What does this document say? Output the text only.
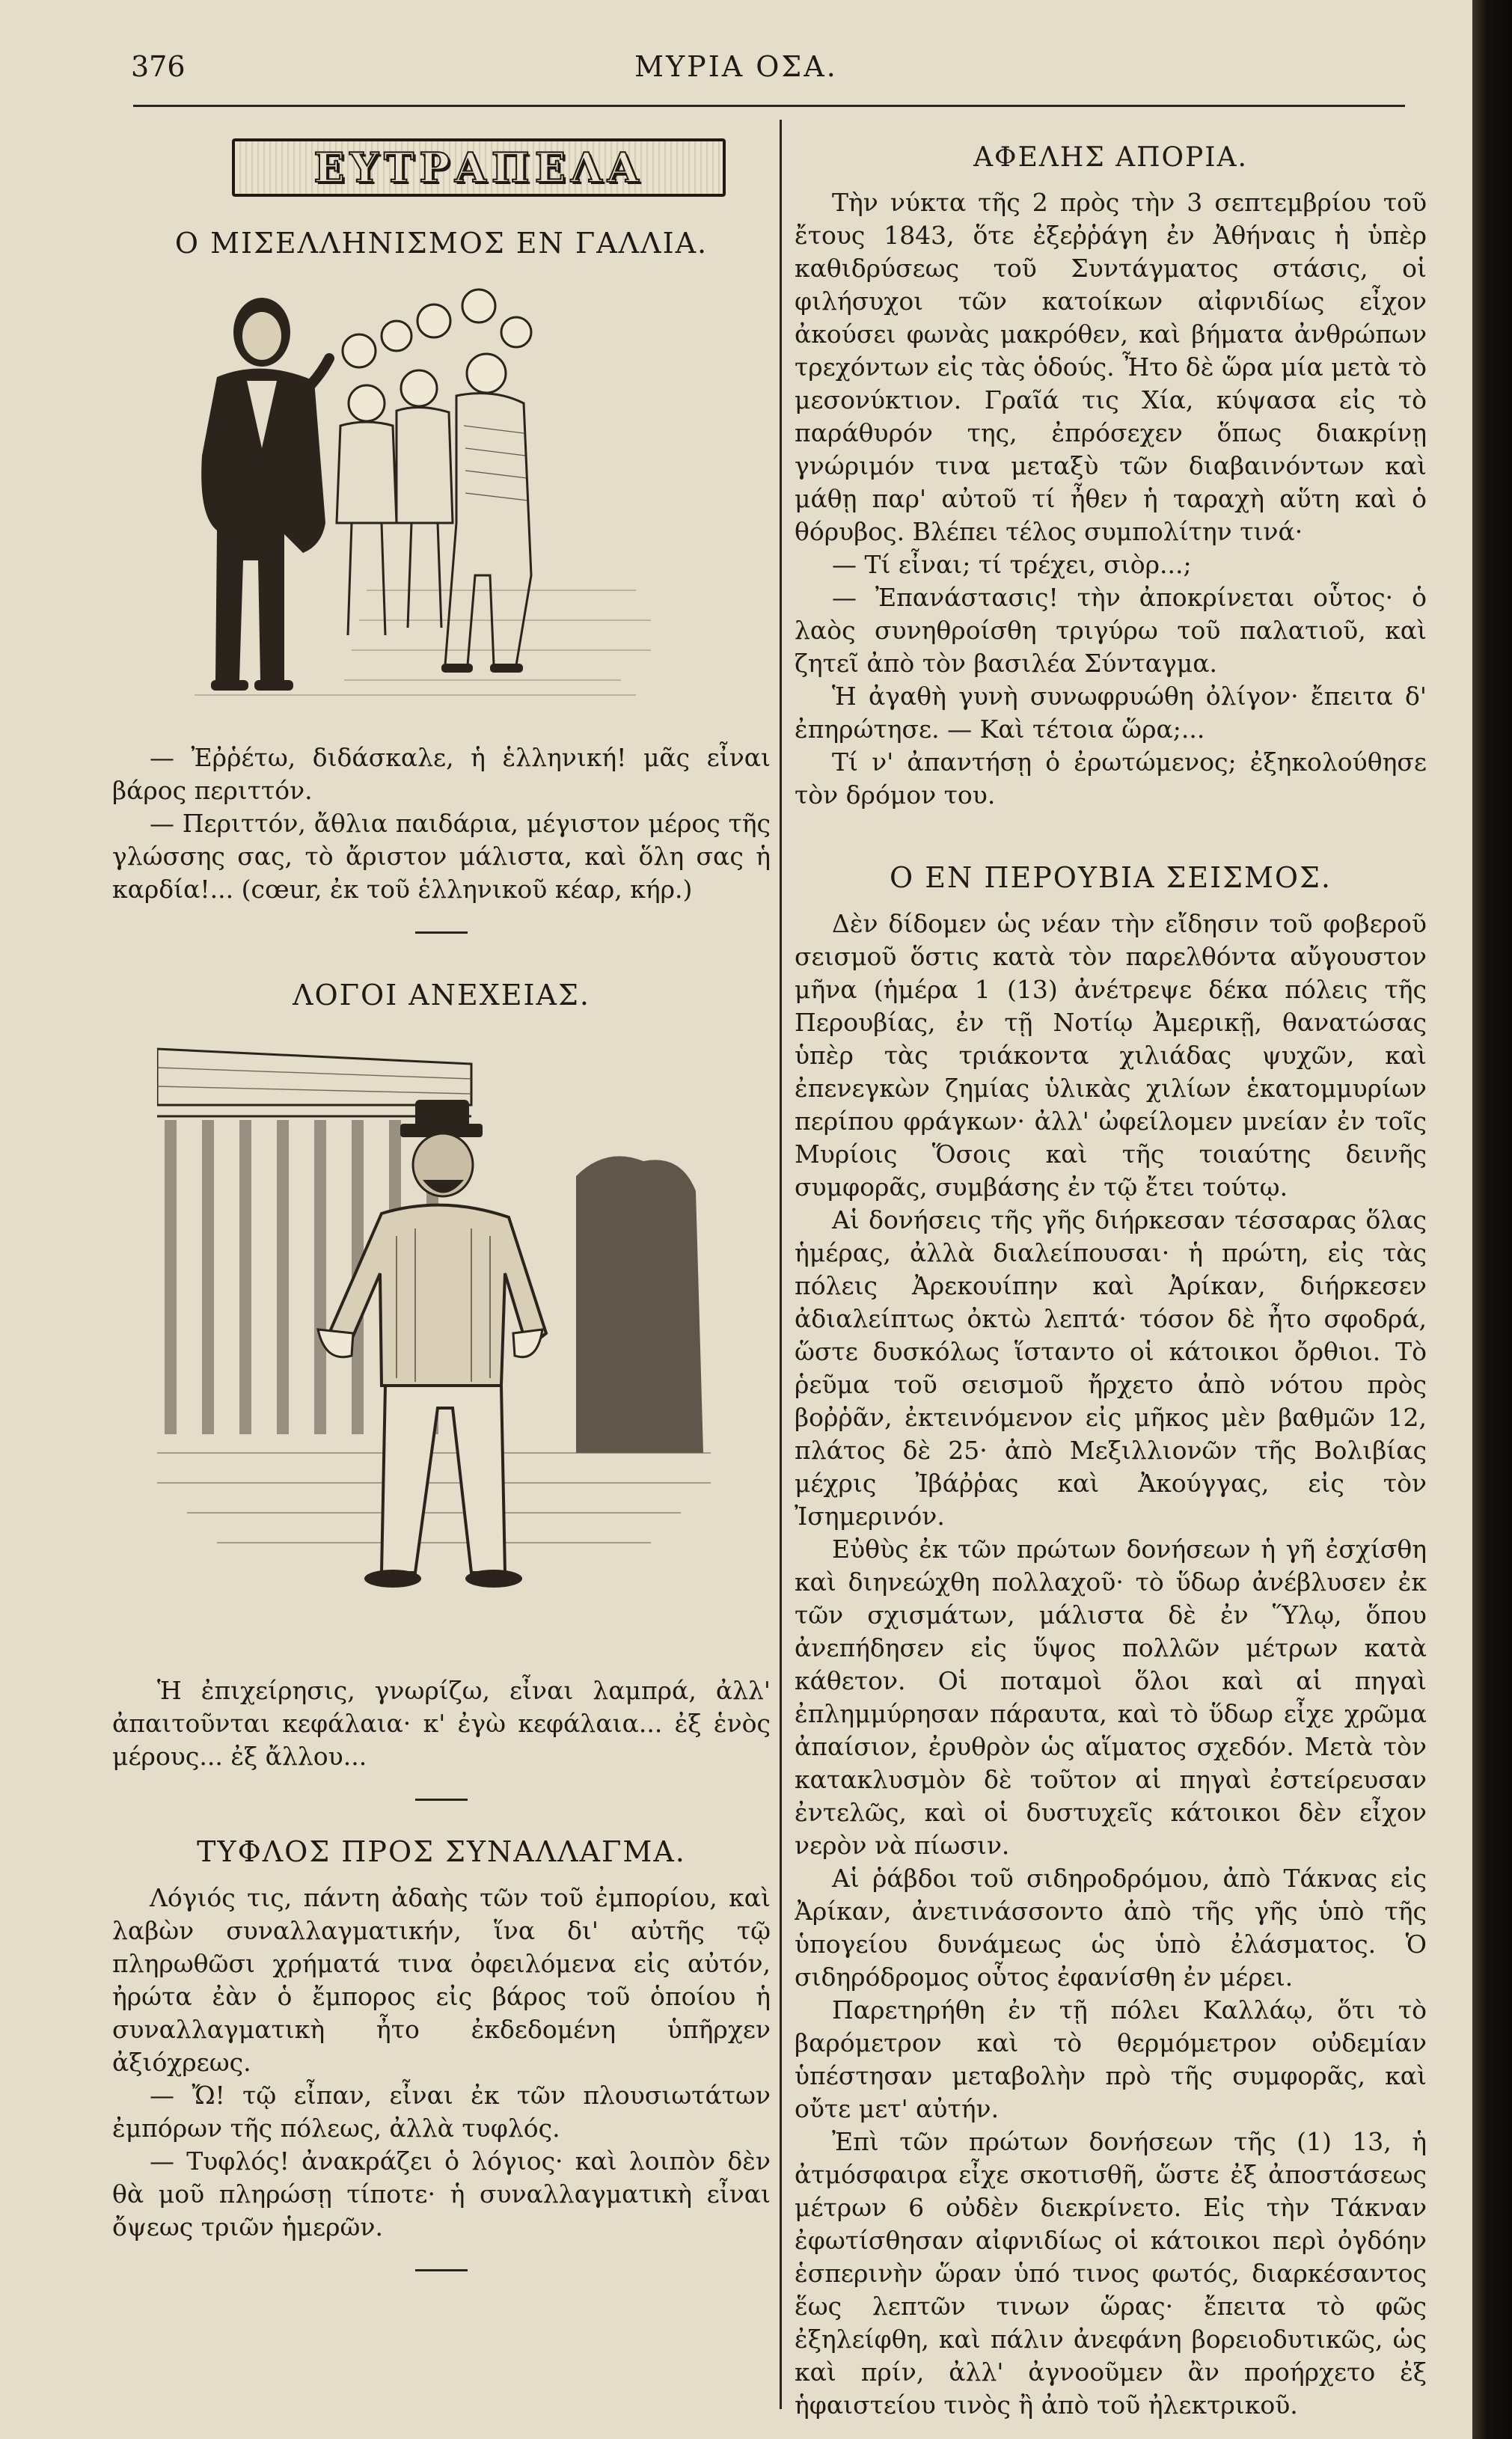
376	ΜΥΡΙΑ ΟΣΑ.
ΕΥΤΡΑΠΕΛΑ
Ο ΜΙΣΕΛΛΗΝΙΣΜΟΣ ΕΝ ΓΑΛΛΙΑ.

— Ἐῤῥέτω, διδάσκαλε, ἡ ἑλληνική! μᾶς εἶναι βάρος περιττόν.

— Περιττόν, ἄθλια παιδάρια, μέγιστον μέρος τῆς γλώσσης σας, τὸ ἄριστον μάλιστα, καὶ ὅλη σας ἡ καρδία!... (cœur, ἐκ τοῦ ἑλληνικοῦ κέαρ, κήρ.)

ΛΟΓΟΙ ΑΝΕΧΕΙΑΣ.

Ἡ ἐπιχείρησις, γνωρίζω, εἶναι λαμπρά, ἀλλ' ἀπαιτοῦνται κεφάλαια· κ' ἐγὼ κεφάλαια... ἐξ ἑνὸς μέρους... ἐξ ἄλλου...

ΤΥΦΛΟΣ ΠΡΟΣ ΣΥΝΑΛΛΑΓΜΑ.

Λόγιός τις, πάντη ἀδαὴς τῶν τοῦ ἐμπορίου, καὶ λαβὼν συναλλαγματικήν, ἵνα δι' αὐτῆς τῷ πληρωθῶσι χρήματά τινα ὀφειλόμενα εἰς αὐτόν, ἠρώτα ἐὰν ὁ ἔμπορος εἰς βάρος τοῦ ὁποίου ἡ συναλλαγματικὴ ἦτο ἐκδεδομένη ὑπῆρχεν ἀξιόχρεως.

— Ὤ! τῷ εἶπαν, εἶναι ἐκ τῶν πλουσιωτάτων ἐμπόρων τῆς πόλεως, ἀλλὰ τυφλός.

— Τυφλός! ἀνακράζει ὁ λόγιος· καὶ λοιπὸν δὲν θὰ μοῦ πληρώσῃ τίποτε· ἡ συναλλαγματικὴ εἶναι ὄψεως τριῶν ἡμερῶν.

ΑΦΕΛΗΣ ΑΠΟΡΙΑ.

Τὴν νύκτα τῆς 2 πρὸς τὴν 3 σεπτεμβρίου τοῦ ἔτους 1843, ὅτε ἐξεῤῥάγη ἐν Ἀθήναις ἡ ὑπὲρ καθιδρύσεως τοῦ Συντάγματος στάσις, οἱ φιλήσυχοι τῶν κατοίκων αἰφνιδίως εἶχον ἀκούσει φωνὰς μακρόθεν, καὶ βήματα ἀνθρώπων τρεχόντων εἰς τὰς ὁδούς. Ἦτο δὲ ὥρα μία μετὰ τὸ μεσονύκτιον. Γραῖά τις Χία, κύψασα εἰς τὸ παράθυρόν της, ἐπρόσεχεν ὅπως διακρίνῃ γνώριμόν τινα μεταξὺ τῶν διαβαινόντων καὶ μάθῃ παρ' αὐτοῦ τί ἦθεν ἡ ταραχὴ αὕτη καὶ ὁ θόρυβος. Βλέπει τέλος συμπολίτην τινά·

— Τί εἶναι; τί τρέχει, σιὸρ...;

— Ἐπανάστασις! τὴν ἀποκρίνεται οὗτος· ὁ λαὸς συνηθροίσθη τριγύρω τοῦ παλατιοῦ, καὶ ζητεῖ ἀπὸ τὸν βασιλέα Σύνταγμα.

Ἡ ἀγαθὴ γυνὴ συνωφρυώθη ὀλίγον· ἔπειτα δ' ἐπηρώτησε. — Καὶ τέτοια ὥρα;...

Τί ν' ἀπαντήσῃ ὁ ἐρωτώμενος; ἐξηκολούθησε τὸν δρόμον του.

Ο ΕΝ ΠΕΡΟΥΒΙΑ ΣΕΙΣΜΟΣ.

Δὲν δίδομεν ὡς νέαν τὴν εἴδησιν τοῦ φοβεροῦ σεισμοῦ ὅστις κατὰ τὸν παρελθόντα αὔγουστον μῆνα (ἡμέρα 1 (13) ἀνέτρεψε δέκα πόλεις τῆς Περουβίας, ἐν τῇ Νοτίῳ Ἀμερικῇ, θανατώσας ὑπὲρ τὰς τριάκοντα χιλιάδας ψυχῶν, καὶ ἐπενεγκὼν ζημίας ὑλικὰς χιλίων ἑκατομμυρίων περίπου φράγκων· ἀλλ' ὠφείλομεν μνείαν ἐν τοῖς Μυρίοις Ὅσοις καὶ τῆς τοιαύτης δεινῆς συμφορᾶς, συμβάσης ἐν τῷ ἔτει τούτῳ.

Αἱ δονήσεις τῆς γῆς διήρκεσαν τέσσαρας ὅλας ἡμέρας, ἀλλὰ διαλείπουσαι· ἡ πρώτη, εἰς τὰς πόλεις Ἀρεκουίπην καὶ Ἀρίκαν, διήρκεσεν ἀδιαλείπτως ὀκτὼ λεπτά· τόσον δὲ ἦτο σφοδρά, ὥστε δυσκόλως ἵσταντο οἱ κάτοικοι ὄρθιοι. Τὸ ῥεῦμα τοῦ σεισμοῦ ἤρχετο ἀπὸ νότου πρὸς βοῤῥᾶν, ἐκτεινόμενον εἰς μῆκος μὲν βαθμῶν 12, πλάτος δὲ 25· ἀπὸ Μεξιλλιονῶν τῆς Βολιβίας μέχρις Ἰβάῤῥας καὶ Ἀκούγγας, εἰς τὸν Ἰσημερινόν.

Εὐθὺς ἐκ τῶν πρώτων δονήσεων ἡ γῆ ἐσχίσθη καὶ διηνεώχθη πολλαχοῦ· τὸ ὕδωρ ἀνέβλυσεν ἐκ τῶν σχισμάτων, μάλιστα δὲ ἐν Ὕλῳ, ὅπου ἀνεπήδησεν εἰς ὕψος πολλῶν μέτρων κατὰ κάθετον. Οἱ ποταμοὶ ὅλοι καὶ αἱ πηγαὶ ἐπλημμύρησαν πάραυτα, καὶ τὸ ὕδωρ εἶχε χρῶμα ἀπαίσιον, ἐρυθρὸν ὡς αἵματος σχεδόν. Μετὰ τὸν κατακλυσμὸν δὲ τοῦτον αἱ πηγαὶ ἐστείρευσαν ἐντελῶς, καὶ οἱ δυστυχεῖς κάτοικοι δὲν εἶχον νερὸν νὰ πίωσιν.

Αἱ ῥάβδοι τοῦ σιδηροδρόμου, ἀπὸ Τάκνας εἰς Ἀρίκαν, ἀνετινάσσοντο ἀπὸ τῆς γῆς ὑπὸ τῆς ὑπογείου δυνάμεως ὡς ὑπὸ ἐλάσματος. Ὁ σιδηρόδρομος οὗτος ἐφανίσθη ἐν μέρει.

Παρετηρήθη ἐν τῇ πόλει Καλλάῳ, ὅτι τὸ βαρόμετρον καὶ τὸ θερμόμετρον οὐδεμίαν ὑπέστησαν μεταβολὴν πρὸ τῆς συμφορᾶς, καὶ οὔτε μετ' αὐτήν.

Ἐπὶ τῶν πρώτων δονήσεων τῆς (1) 13, ἡ ἀτμόσφαιρα εἶχε σκοτισθῆ, ὥστε ἐξ ἀποστάσεως μέτρων 6 οὐδὲν διεκρίνετο. Εἰς τὴν Τάκναν ἐφωτίσθησαν αἰφνιδίως οἱ κάτοικοι περὶ ὀγδόην ἑσπερινὴν ὥραν ὑπό τινος φωτός, διαρκέσαντος ἕως λεπτῶν τινων ὥρας· ἔπειτα τὸ φῶς ἐξηλείφθη, καὶ πάλιν ἀνεφάνη βορειοδυτικῶς, ὡς καὶ πρίν, ἀλλ' ἀγνοοῦμεν ἂν προήρχετο ἐξ ἡφαιστείου τινὸς ἢ ἀπὸ τοῦ ἠλεκτρικοῦ.
